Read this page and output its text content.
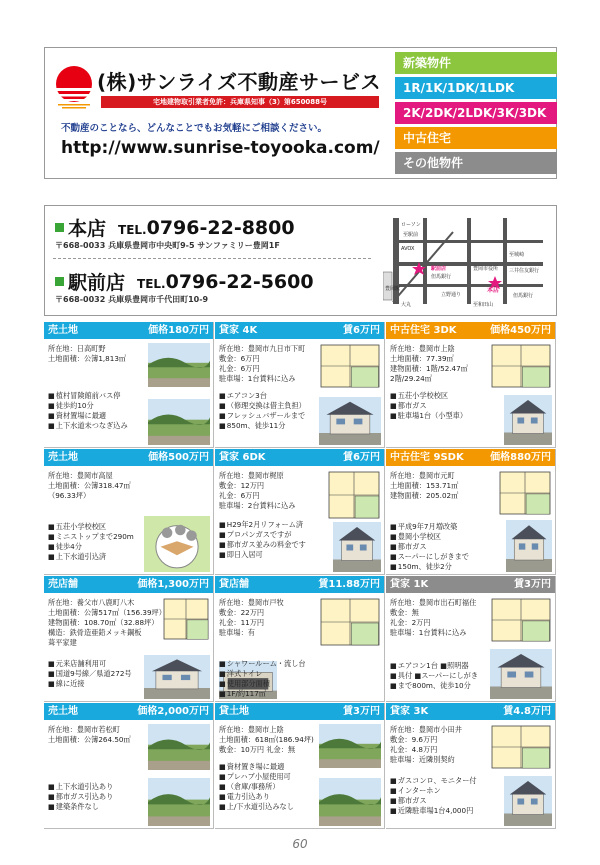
(株)サンライズ不動産サービス
宅地建物取引業者免許：兵庫県知事（3）第650088号
不動産のことなら、どんなことでもお気軽にご相談ください。
http://www.sunrise-toyooka.com/
新築物件
1R/1K/1DK/1LDK
2K/2DK/2LDK/3K/3DK
中古住宅
その他物件
本店 TEL.0796-22-8800
〒668-0033 兵庫県豊岡市中央町9-5 サンファミリー豊岡1F
駅前店 TEL.0796-22-5600
〒668-0032 兵庫県豊岡市千代田町10-9
豊岡駅
ローソン
AVOX
駅前店
但馬銀行
三井住友銀行
至城崎
但馬銀行
本店
豊岡市役所
立野通り
大丸
至駅前
至和田山
売土地	価格180万円
所在地：日高町野
土地面積：公簿1,813㎡
■ 植村冒険館前バス停
■ 徒歩約10分
■ 資材置場に最適
■ 上下水道未つなぎ込み
貸家 4K	賃6万円
所在地：豊岡市九日市下町
敷金：6万円
礼金：6万円
駐車場：1台賃料に込み
■ エアコン3台
■ （修理交換は借主負担）
■ フレッシュバザールまで
■ 850m、徒歩11分
中古住宅 3DK	価格450万円
所在地：豊岡市上陰
土地面積：77.39㎡
建物面積：1階/52.47㎡
2階/29.24㎡
■ 五荘小学校校区
■ 都市ガス
■ 駐車場1台（小型車）
売土地	価格500万円
所在地：豊岡市高屋
土地面積：公簿318.47㎡
（96.33坪）
■ 五荘小学校校区
■ ミニストップまで290m
■ 徒歩4分
■ 上下水道引込済
貸家 6DK	賃6万円
所在地：豊岡市梶原
敷金：12万円
礼金：6万円
駐車場：2台賃料に込み
■ H29年2月リフォーム済
■ プロパンガスですが
■ 都市ガス並みの料金です
■ 即日入居可
中古住宅 9SDK	価格880万円
所在地：豊岡市元町
土地面積：153.71㎡
建物面積：205.02㎡
■ 平成9年7月増改築
■ 豊岡小学校区
■ 都市ガス
■ スーパーにしがきまで
■ 150m、徒歩2分
売店舗	価格1,300万円
所在地：養父市八鹿町八木
土地面積：公簿517㎡（156.39坪）
建物面積：108.70㎡（32.88坪）
構造：鉄骨造亜鉛メッキ鋼板
葺平家建
■ 元来店舗利用可
■ 国道9号線／県道272号
■ 線に近接
貸店舗	賃11.88万円
所在地：豊岡市戸牧
敷金：22万円
礼金：11万円
駐車場：有
■ シャワールーム・流し台
■ 洋式トイレ
■ 使用部分面積
■ 1F/約117㎡
貸家 1K	賃3万円
所在地：豊岡市出石町福住
敷金：無
礼金：2万円
駐車場：1台賃料に込み
■ エアコン1台 ■照明器
■ 具付 ■スーパーにしがき
■ まで800m、徒歩10分
売土地	価格2,000万円
所在地：豊岡市若松町
土地面積：公簿264.50㎡
■ 上下水道引込あり
■ 都市ガス引込あり
■ 建築条件なし
貸土地	賃3万円
所在地：豊岡市上陰
土地面積：618㎡(186.94坪)
敷金：10万円 礼金：無
■ 資材置き場に最適
■ プレハブ小屋使用可
■ （倉庫/事務所）
■ 電力引込あり
■ 上/下水道引込みなし
貸家 3K	賃4.8万円
所在地：豊岡市小田井
敷金：9.6万円
礼金：4.8万円
駐車場：近隣別契約
■ ガスコンロ、モニター付
■ インターホン
■ 都市ガス
■ 近隣駐車場1台4,000円
60
